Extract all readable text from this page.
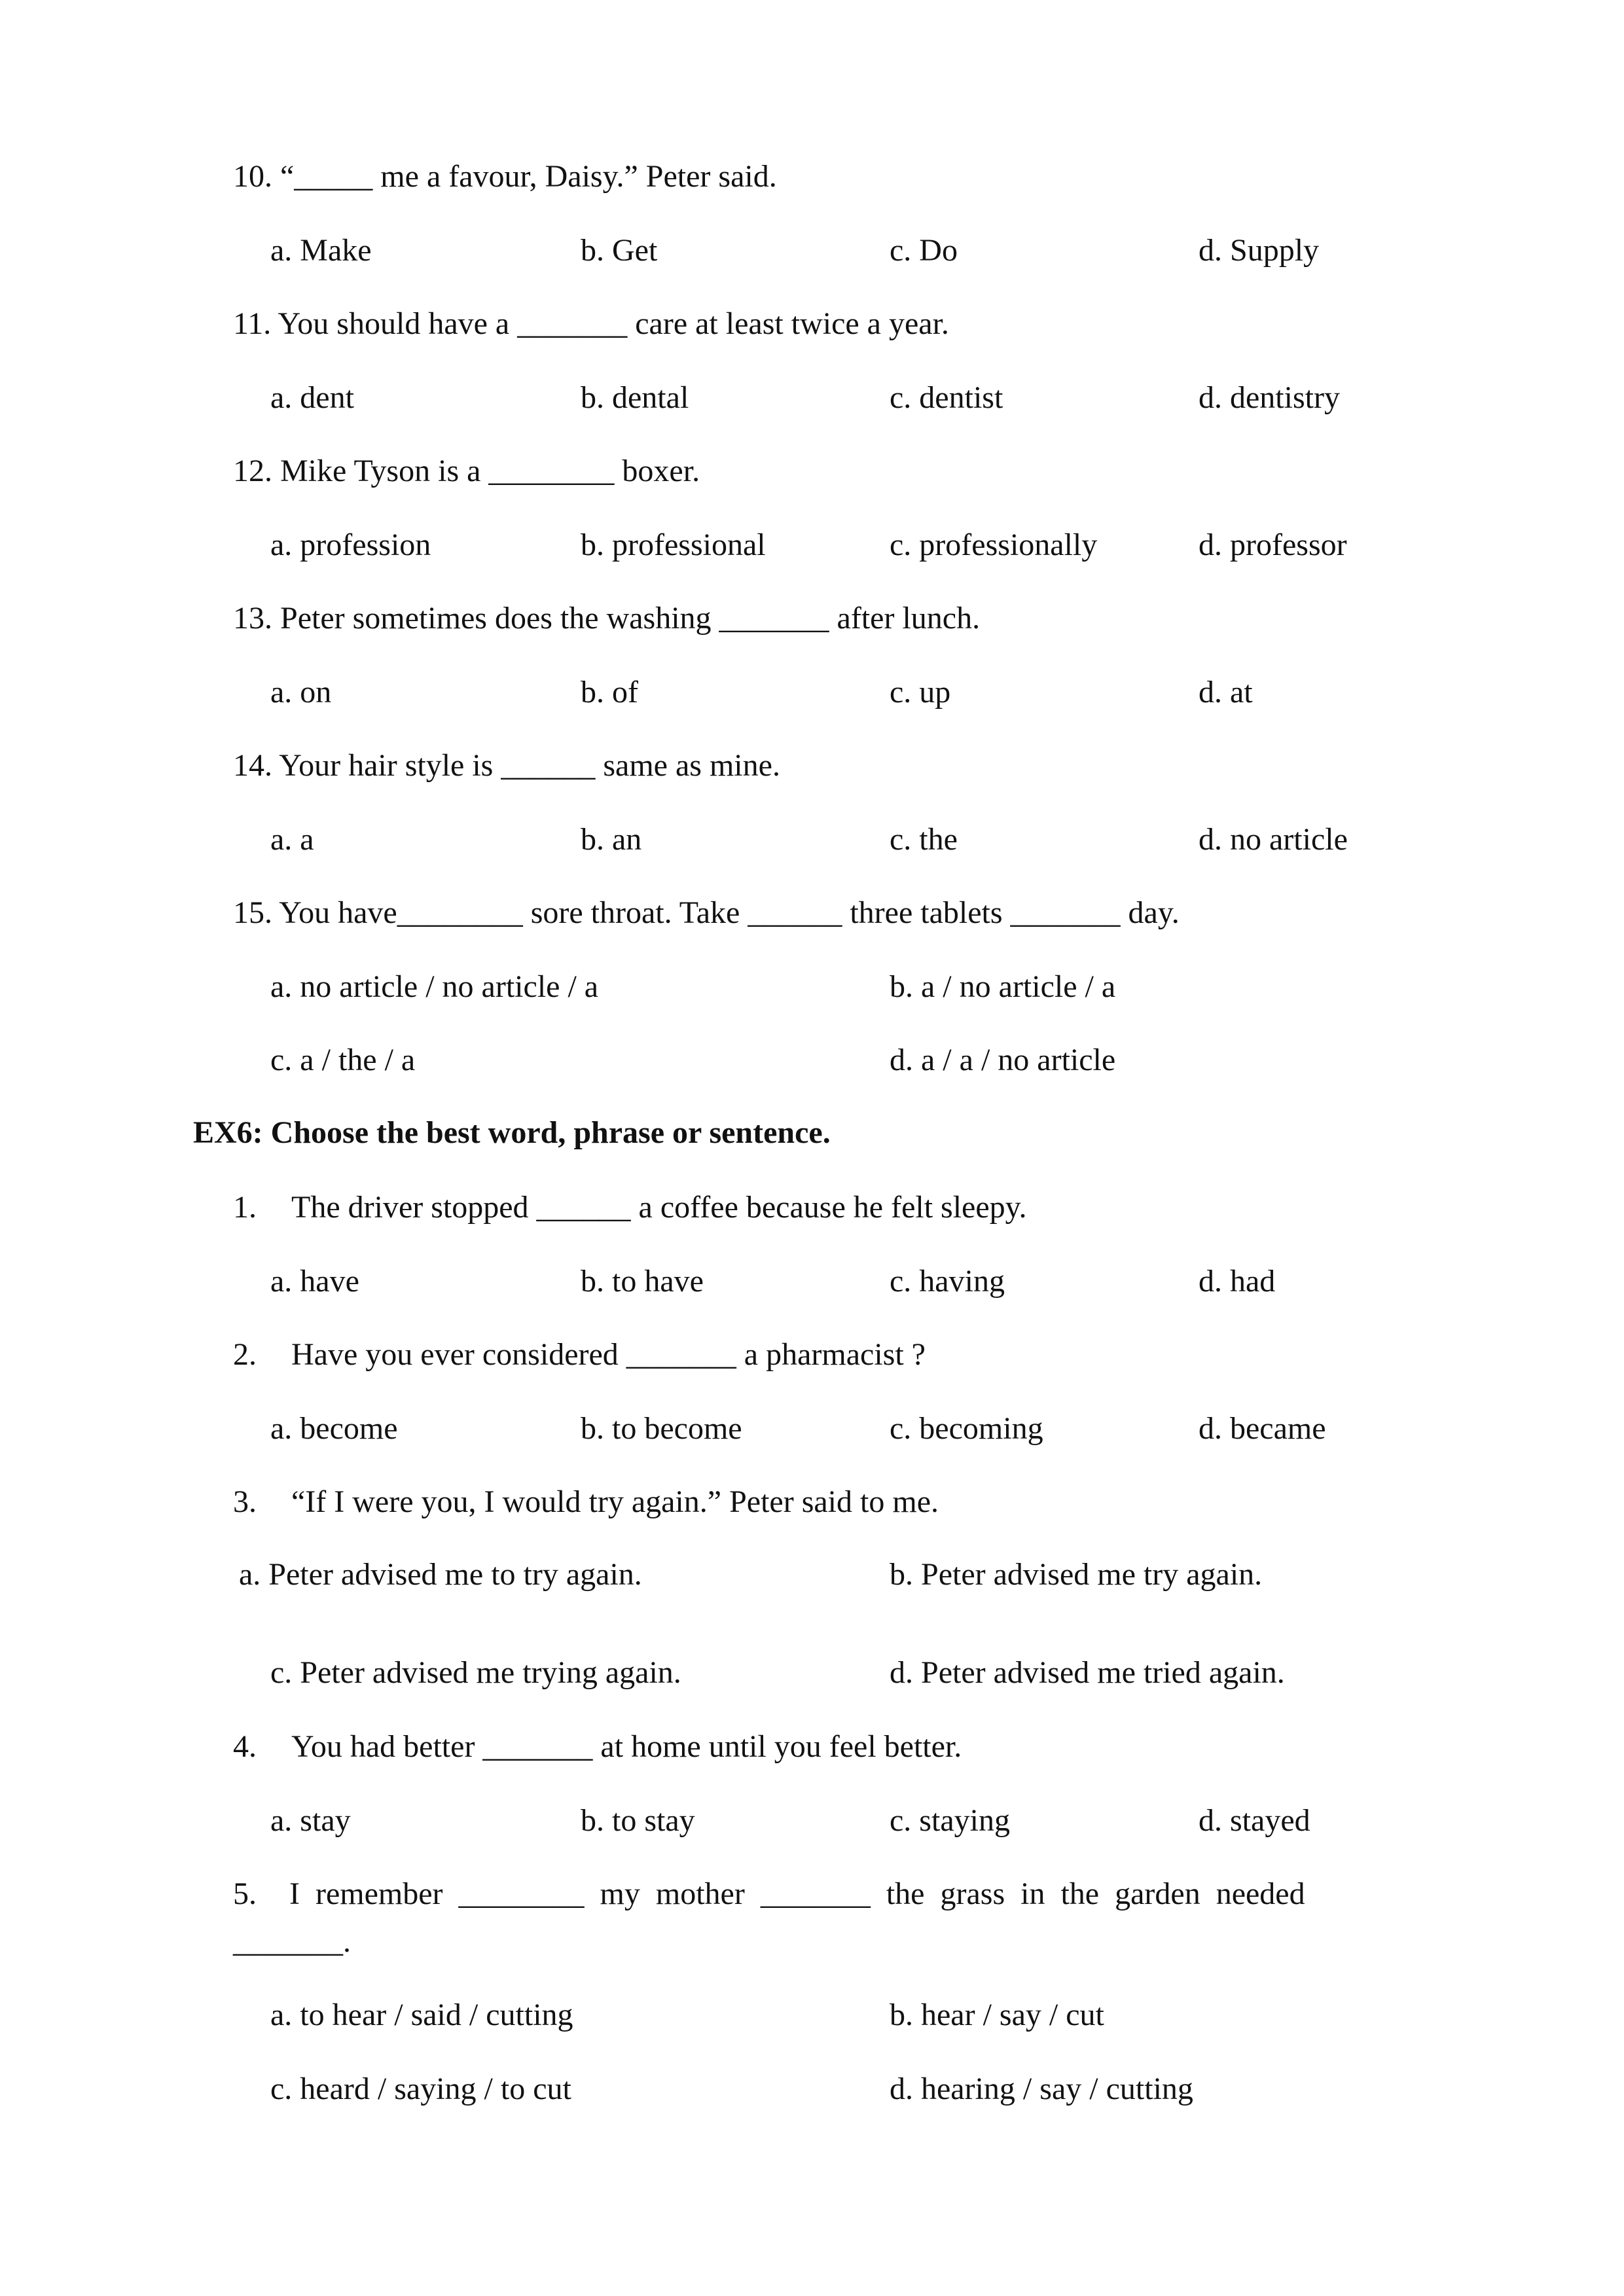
10. “_____ me a favour, Daisy.” Peter said.
a. Make	b. Get	c. Do	d. Supply
11. You should have a _______ care at least twice a year.
a. dent	b. dental	c. dentist	d. dentistry
12. Mike Tyson is a ________ boxer.
a. profession	b. professional	c. professionally	d. professor
13. Peter sometimes does the washing _______ after lunch.
a. on	b. of	c. up	d. at
14. Your hair style is ______ same as mine.
a. a	b. an	c. the	d. no article
15. You have________ sore throat. Take ______ three tablets _______ day.
a. no article / no article / a	b. a / no article / a
c. a / the / a	d. a / a / no article
EX6: Choose the best word, phrase or sentence.
1. The driver stopped ______ a coffee because he felt sleepy.
a. have	b. to have	c. having	d. had
2. Have you ever considered _______ a pharmacist ?
a. become	b. to become	c. becoming	d. became
3. “If I were you, I would try again.” Peter said to me.
a. Peter advised me to try again.	b. Peter advised me try again.
c. Peter advised me trying again.	d. Peter advised me tried again.
4. You had better _______ at home until you feel better.
a. stay	b. to stay	c. staying	d. stayed
5. I  remember  ________  my  mother  _______  the  grass  in  the  garden  needed
_______.
a. to hear / said / cutting	b. hear / say / cut
c. heard / saying / to cut	d. hearing / say / cutting
